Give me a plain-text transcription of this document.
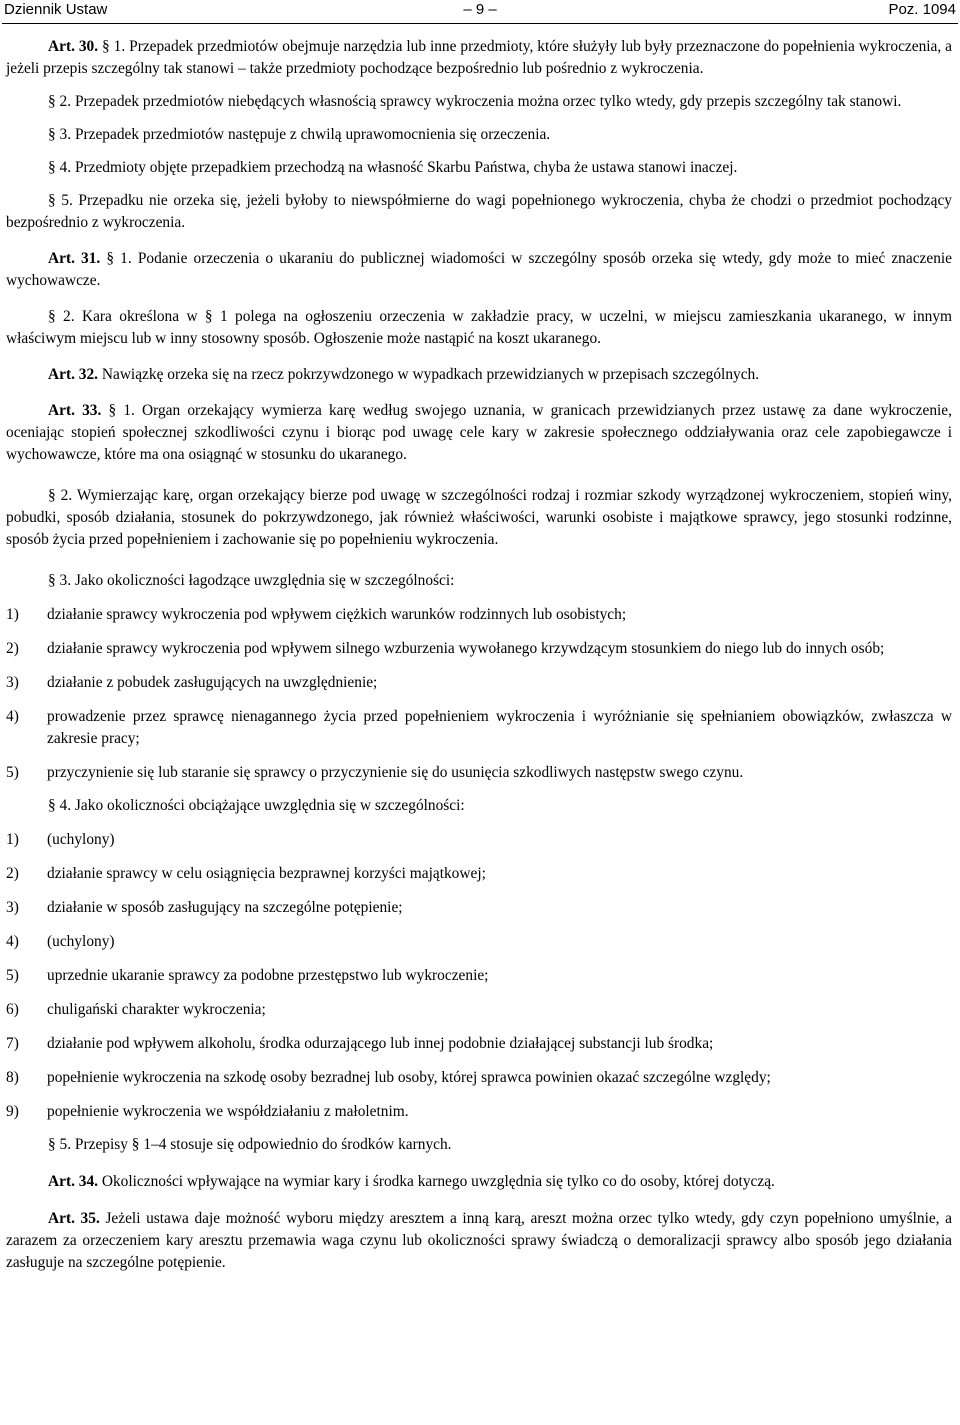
Dziennik Ustaw	– 9 –	Poz. 1094

Art. 30. § 1. Przepadek przedmiotów obejmuje narzędzia lub inne przedmioty, które służyły lub były przeznaczone do popełnienia wykroczenia, a jeżeli przepis szczególny tak stanowi – także przedmioty pochodzące bezpośrednio lub pośrednio z wykroczenia.

§ 2. Przepadek przedmiotów niebędących własnością sprawcy wykroczenia można orzec tylko wtedy, gdy przepis szczególny tak stanowi.

§ 3. Przepadek przedmiotów następuje z chwilą uprawomocnienia się orzeczenia.

§ 4. Przedmioty objęte przepadkiem przechodzą na własność Skarbu Państwa, chyba że ustawa stanowi inaczej.

§ 5. Przepadku nie orzeka się, jeżeli byłoby to niewspółmierne do wagi popełnionego wykroczenia, chyba że chodzi o przedmiot pochodzący bezpośrednio z wykroczenia.

Art. 31. § 1. Podanie orzeczenia o ukaraniu do publicznej wiadomości w szczególny sposób orzeka się wtedy, gdy może to mieć znaczenie wychowawcze.

§ 2. Kara określona w § 1 polega na ogłoszeniu orzeczenia w zakładzie pracy, w uczelni, w miejscu zamieszkania ukaranego, w innym właściwym miejscu lub w inny stosowny sposób. Ogłoszenie może nastąpić na koszt ukaranego.

Art. 32. Nawiązkę orzeka się na rzecz pokrzywdzonego w wypadkach przewidzianych w przepisach szczególnych.

Art. 33. § 1. Organ orzekający wymierza karę według swojego uznania, w granicach przewidzianych przez ustawę za dane wykroczenie, oceniając stopień społecznej szkodliwości czynu i biorąc pod uwagę cele kary w zakresie społecznego oddziaływania oraz cele zapobiegawcze i wychowawcze, które ma ona osiągnąć w stosunku do ukaranego.

§ 2. Wymierzając karę, organ orzekający bierze pod uwagę w szczególności rodzaj i rozmiar szkody wyrządzonej wykroczeniem, stopień winy, pobudki, sposób działania, stosunek do pokrzywdzonego, jak również właściwości, warunki osobiste i majątkowe sprawcy, jego stosunki rodzinne, sposób życia przed popełnieniem i zachowanie się po popełnieniu wykroczenia.

§ 3. Jako okoliczności łagodzące uwzględnia się w szczególności:

1) działanie sprawcy wykroczenia pod wpływem ciężkich warunków rodzinnych lub osobistych;
2) działanie sprawcy wykroczenia pod wpływem silnego wzburzenia wywołanego krzywdzącym stosunkiem do niego lub do innych osób;
3) działanie z pobudek zasługujących na uwzględnienie;
4) prowadzenie przez sprawcę nienagannego życia przed popełnieniem wykroczenia i wyróżnianie się spełnianiem obowiązków, zwłaszcza w zakresie pracy;
5) przyczynienie się lub staranie się sprawcy o przyczynienie się do usunięcia szkodliwych następstw swego czynu.

§ 4. Jako okoliczności obciążające uwzględnia się w szczególności:

1) (uchylony)
2) działanie sprawcy w celu osiągnięcia bezprawnej korzyści majątkowej;
3) działanie w sposób zasługujący na szczególne potępienie;
4) (uchylony)
5) uprzednie ukaranie sprawcy za podobne przestępstwo lub wykroczenie;
6) chuligański charakter wykroczenia;
7) działanie pod wpływem alkoholu, środka odurzającego lub innej podobnie działającej substancji lub środka;
8) popełnienie wykroczenia na szkodę osoby bezradnej lub osoby, której sprawca powinien okazać szczególne względy;
9) popełnienie wykroczenia we współdziałaniu z małoletnim.

§ 5. Przepisy § 1–4 stosuje się odpowiednio do środków karnych.

Art. 34. Okoliczności wpływające na wymiar kary i środka karnego uwzględnia się tylko co do osoby, której dotyczą.

Art. 35. Jeżeli ustawa daje możność wyboru między aresztem a inną karą, areszt można orzec tylko wtedy, gdy czyn popełniono umyślnie, a zarazem za orzeczeniem kary aresztu przemawia waga czynu lub okoliczności sprawy świadczą o demoralizacji sprawcy albo sposób jego działania zasługuje na szczególne potępienie.
